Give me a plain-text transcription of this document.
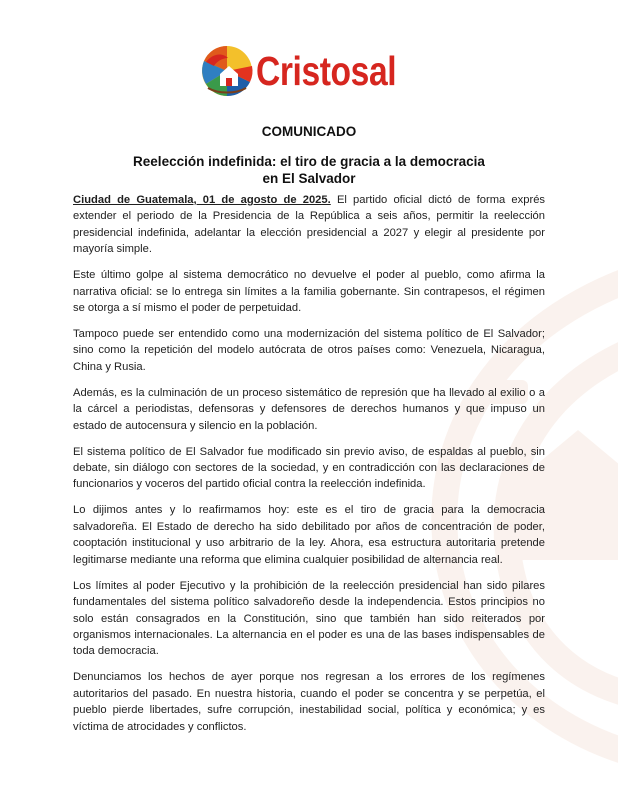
Cristosal
COMUNICADO
Reelección indefinida: el tiro de gracia a la democracia
en El Salvador

Ciudad de Guatemala, 01 de agosto de 2025. El partido oficial dictó de forma exprés extender el periodo de la Presidencia de la República a seis años, permitir la reelección presidencial indefinida, adelantar la elección presidencial a 2027 y elegir al presidente por mayoría simple.

Este último golpe al sistema democrático no devuelve el poder al pueblo, como afirma la narrativa oficial: se lo entrega sin límites a la familia gobernante. Sin contrapesos, el régimen se otorga a sí mismo el poder de perpetuidad.

Tampoco puede ser entendido como una modernización del sistema político de El Salvador; sino como la repetición del modelo autócrata de otros países como: Venezuela, Nicaragua, China y Rusia.

Además, es la culminación de un proceso sistemático de represión que ha llevado al exilio o a la cárcel a periodistas, defensoras y defensores de derechos humanos y que impuso un estado de autocensura y silencio en la población.

El sistema político de El Salvador fue modificado sin previo aviso, de espaldas al pueblo, sin debate, sin diálogo con sectores de la sociedad, y en contradicción con las declaraciones de funcionarios y voceros del partido oficial contra la reelección indefinida.

Lo dijimos antes y lo reafirmamos hoy: este es el tiro de gracia para la democracia salvadoreña. El Estado de derecho ha sido debilitado por años de concentración de poder, cooptación institucional y uso arbitrario de la ley. Ahora, esa estructura autoritaria pretende legitimarse mediante una reforma que elimina cualquier posibilidad de alternancia real.

Los límites al poder Ejecutivo y la prohibición de la reelección presidencial han sido pilares fundamentales del sistema político salvadoreño desde la independencia. Estos principios no solo están consagrados en la Constitución, sino que también han sido reiterados por organismos internacionales. La alternancia en el poder es una de las bases indispensables de toda democracia.

Denunciamos los hechos de ayer porque nos regresan a los errores de los regímenes autoritarios del pasado. En nuestra historia, cuando el poder se concentra y se perpetúa, el pueblo pierde libertades, sufre corrupción, inestabilidad social, política y económica; y es víctima de atrocidades y conflictos.
